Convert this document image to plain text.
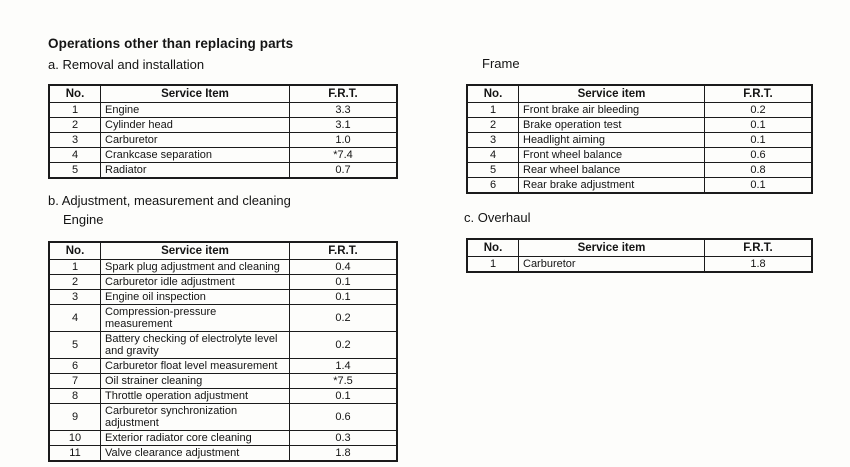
Operations other than replacing parts
a. Removal and installation
No.	Service Item	F.R.T.
1	Engine	3.3
2	Cylinder head	3.1
3	Carburetor	1.0
4	Crankcase separation	*7.4
5	Radiator	0.7
b. Adjustment, measurement and cleaning
Engine
No.	Service item	F.R.T.
1	Spark plug adjustment and cleaning	0.4
2	Carburetor idle adjustment	0.1
3	Engine oil inspection	0.1
4	Compression-pressure measurement	0.2
5	Battery checking of electrolyte level and gravity	0.2
6	Carburetor float level measurement	1.4
7	Oil strainer cleaning	*7.5
8	Throttle operation adjustment	0.1
9	Carburetor synchronization adjustment	0.6
10	Exterior radiator core cleaning	0.3
11	Valve clearance adjustment	1.8
Frame
No.	Service item	F.R.T.
1	Front brake air bleeding	0.2
2	Brake operation test	0.1
3	Headlight aiming	0.1
4	Front wheel balance	0.6
5	Rear wheel balance	0.8
6	Rear brake adjustment	0.1
c. Overhaul
No.	Service item	F.R.T.
1	Carburetor	1.8
